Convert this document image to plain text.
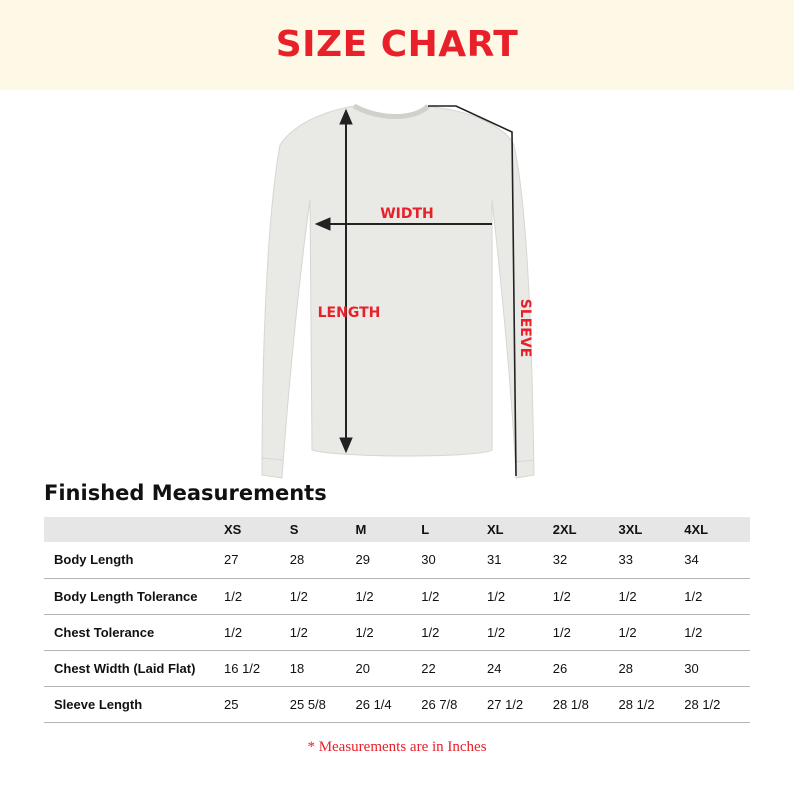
SIZE CHART
WIDTH
LENGTH	SLEEVE
Finished Measurements
	XS	S	M	L	XL	2XL	3XL	4XL
Body Length	27	28	29	30	31	32	33	34
Body Length Tolerance	1/2	1/2	1/2	1/2	1/2	1/2	1/2	1/2
Chest Tolerance	1/2	1/2	1/2	1/2	1/2	1/2	1/2	1/2
Chest Width (Laid Flat)	16 1/2	18	20	22	24	26	28	30
Sleeve Length	25	25 5/8	26 1/4	26 7/8	27 1/2	28 1/8	28 1/2	28 1/2
* Measurements are in Inches
